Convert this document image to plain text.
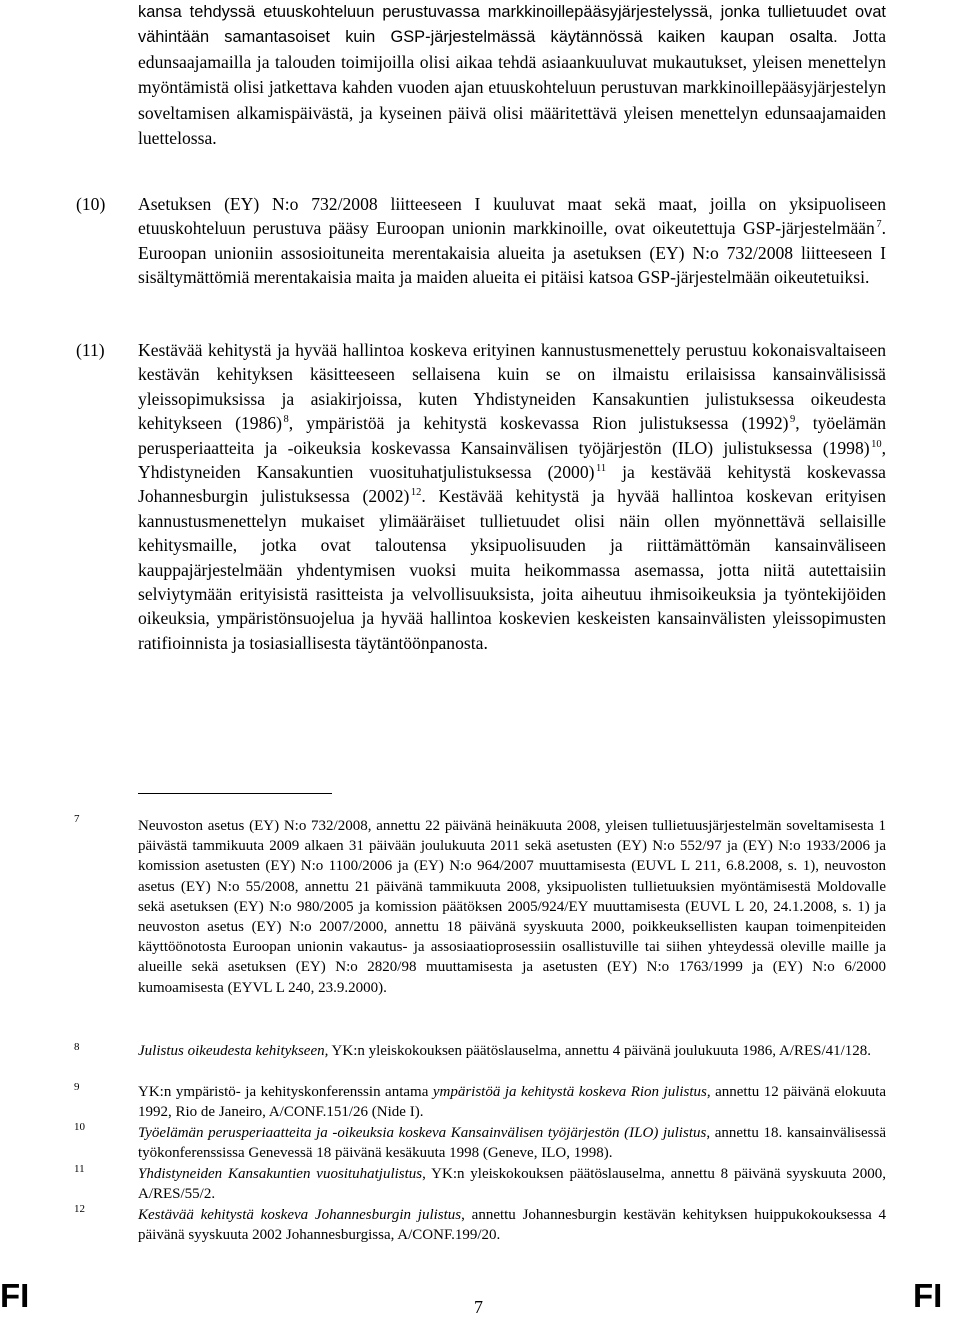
kansa tehdyssä etuuskohteluun perustuvassa markkinoillepääsyjärjestelyssä, jonka tullietuudet ovat vähintään samantasoiset kuin GSP-järjestelmässä käytännössä kaiken kaupan osalta. Jotta edunsaajamailla ja talouden toimijoilla olisi aikaa tehdä asiaankuuluvat mukautukset, yleisen menettelyn myöntämistä olisi jatkettava kahden vuoden ajan etuuskohteluun perustuvan markkinoillepääsyjärjestelyn soveltamisen alkamispäivästä, ja kyseinen päivä olisi määritettävä yleisen menettelyn edunsaajamaiden luettelossa.

(10) Asetuksen (EY) N:o 732/2008 liitteeseen I kuuluvat maat sekä maat, joilla on yksipuoliseen etuuskohteluun perustuva pääsy Euroopan unionin markkinoille, ovat oikeutettuja GSP-järjestelmään $^7$. Euroopan unioniin assosioituneita merentakaisia alueita ja asetuksen (EY) N:o 732/2008 liitteeseen I sisältymättömiä merentakaisia maita ja maiden alueita ei pitäisi katsoa GSP-järjestelmään oikeutetuiksi.

(11) Kestävää kehitystä ja hyvää hallintoa koskeva erityinen kannustusmenettely perustuu kokonaisvaltaiseen kestävän kehityksen käsitteeseen sellaisena kuin se on ilmaistu erilaisissa kansainvälisissä yleissopimuksissa ja asiakirjoissa, kuten Yhdistyneiden Kansakuntien julistuksessa oikeudesta kehitykseen (1986) $^8$, ympäristöä ja kehitystä koskevassa Rion julistuksessa (1992) $^9$, työelämän perusperiaatteita ja -oikeuksia koskevassa Kansainvälisen työjärjestön (ILO) julistuksessa (1998) $^{10}$, Yhdistyneiden Kansakuntien vuosituhatjulistuksessa (2000) $^{11}$ ja kestävää kehitystä koskevassa Johannesburgin julistuksessa (2002) $^{12}$. Kestävää kehitystä ja hyvää hallintoa koskevan erityisen kannustusmenettelyn mukaiset ylimääräiset tullietuudet olisi näin ollen myönnettävä sellaisille kehitysmaille, jotka ovat taloutensa yksipuolisuuden ja riittämättömän kansainväliseen kauppajärjestelmään yhdentymisen vuoksi muita heikommassa asemassa, jotta niitä autettaisiin selviytymään erityisistä rasitteista ja velvollisuuksista, joita aiheutuu ihmisoikeuksia ja työntekijöiden oikeuksia, ympäristönsuojelua ja hyvää hallintoa koskevien keskeisten kansainvälisten yleissopimusten ratifioinnista ja tosiasiallisesta täytäntöönpanosta.

7	Neuvoston asetus (EY) N:o 732/2008, annettu 22 päivänä heinäkuuta 2008, yleisen tullietuusjärjestelmän soveltamisesta 1 päivästä tammikuuta 2009 alkaen 31 päivään joulukuuta 2011 sekä asetusten (EY) N:o 552/97 ja (EY) N:o 1933/2006 ja komission asetusten (EY) N:o 1100/2006 ja (EY) N:o 964/2007 muuttamisesta (EUVL L 211, 6.8.2008, s. 1), neuvoston asetus (EY) N:o 55/2008, annettu 21 päivänä tammikuuta 2008, yksipuolisten tullietuuksien myöntämisestä Moldovalle sekä asetuksen (EY) N:o 980/2005 ja komission päätöksen 2005/924/EY muuttamisesta (EUVL L 20, 24.1.2008, s. 1) ja neuvoston asetus (EY) N:o 2007/2000, annettu 18 päivänä syyskuuta 2000, poikkeuksellisten kaupan toimenpiteiden käyttöönotosta Euroopan unionin vakautus- ja assosiaatioprosessiin osallistuville tai siihen yhteydessä oleville maille ja alueille sekä asetuksen (EY) N:o 2820/98 muuttamisesta ja asetusten (EY) N:o 1763/1999 ja (EY) N:o 6/2000 kumoamisesta (EYVL L 240, 23.9.2000).

8	Julistus oikeudesta kehitykseen, YK:n yleiskokouksen päätöslauselma, annettu 4 päivänä joulukuuta 1986, A/RES/41/128.

9	YK:n ympäristö- ja kehityskonferenssin antama ympäristöä ja kehitystä koskeva Rion julistus, annettu 12 päivänä elokuuta 1992, Rio de Janeiro, A/CONF.151/26 (Nide I).

10	Työelämän perusperiaatteita ja -oikeuksia koskeva Kansainvälisen työjärjestön (ILO) julistus, annettu 18. kansainvälisessä työkonferenssissa Genevessä 18 päivänä kesäkuuta 1998 (Geneve, ILO, 1998).

11	Yhdistyneiden Kansakuntien vuosituhatjulistus, YK:n yleiskokouksen päätöslauselma, annettu 8 päivänä syyskuuta 2000, A/RES/55/2.

12	Kestävää kehitystä koskeva Johannesburgin julistus, annettu Johannesburgin kestävän kehityksen huippukokouksessa 4 päivänä syyskuuta 2002 Johannesburgissa, A/CONF.199/20.

FI	7	FI
